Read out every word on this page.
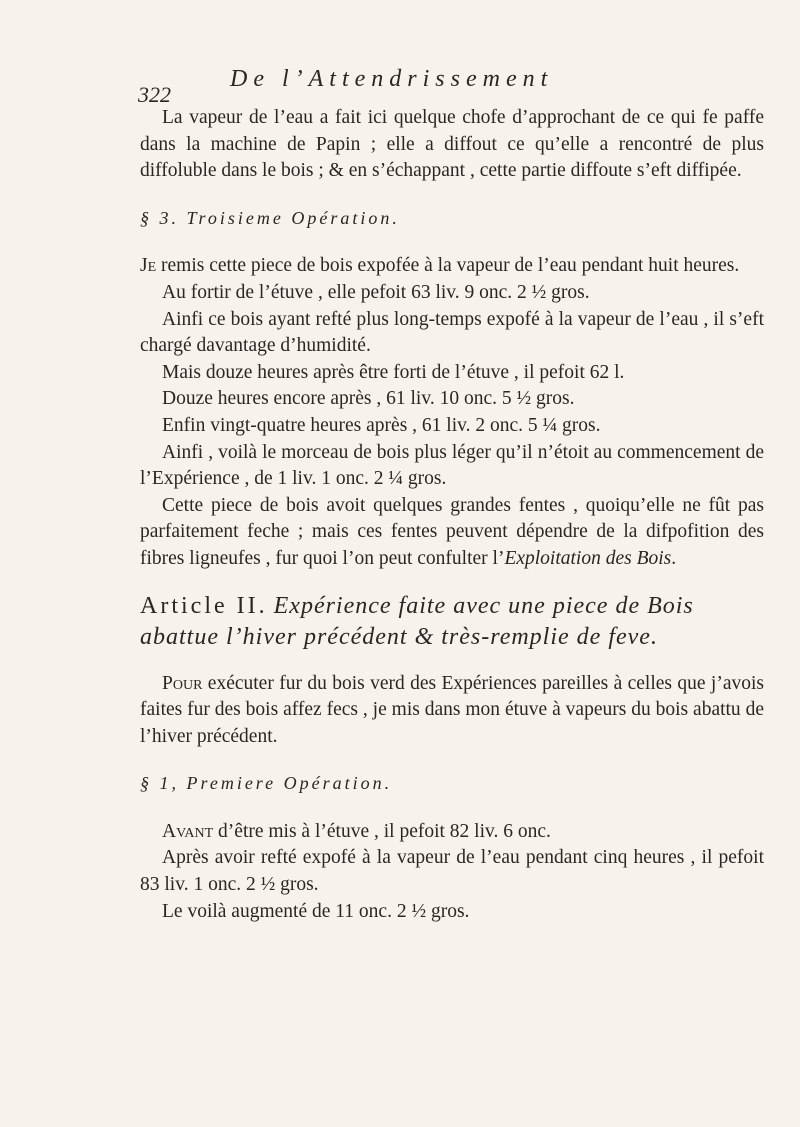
322
De l’Attendrissement

La vapeur de l’eau a fait ici quelque chofe d’approchant de ce qui fe paffe dans la machine de Papin ; elle a diffout ce qu’elle a rencontré de plus diffoluble dans le bois ; & en s’échappant , cette partie diffoute s’eft diffipée.

§ 3. Troisieme Opération.

Je remis cette piece de bois expofée à la vapeur de l’eau pendant huit heures.

Au fortir de l’étuve , elle pefoit 63 liv. 9 onc. 2 ½ gros.

Ainfi ce bois ayant refté plus long-temps expofé à la vapeur de l’eau , il s’eft chargé davantage d’humidité.

Mais douze heures après être forti de l’étuve , il pefoit 62 l.

Douze heures encore après , 61 liv. 10 onc. 5 ½ gros.

Enfin vingt-quatre heures après , 61 liv. 2 onc. 5 ¼ gros.

Ainfi , voilà le morceau de bois plus léger qu’il n’étoit au commencement de l’Expérience , de 1 liv. 1 onc. 2 ¼ gros.

Cette piece de bois avoit quelques grandes fentes , quoiqu’elle ne fût pas parfaitement feche ; mais ces fentes peuvent dépendre de la difpofition des fibres ligneufes , fur quoi l’on peut confulter l’Exploitation des Bois.

Article II. Expérience faite avec une piece de Bois abattue l’hiver précédent & très-remplie de feve.

Pour exécuter fur du bois verd des Expériences pareilles à celles que j’avois faites fur des bois affez fecs , je mis dans mon étuve à vapeurs du bois abattu de l’hiver précédent.

§ 1, Premiere Opération.

Avant d’être mis à l’étuve , il pefoit 82 liv. 6 onc.

Après avoir refté expofé à la vapeur de l’eau pendant cinq heures , il pefoit 83 liv. 1 onc. 2 ½ gros.

Le voilà augmenté de 11 onc. 2 ½ gros.
